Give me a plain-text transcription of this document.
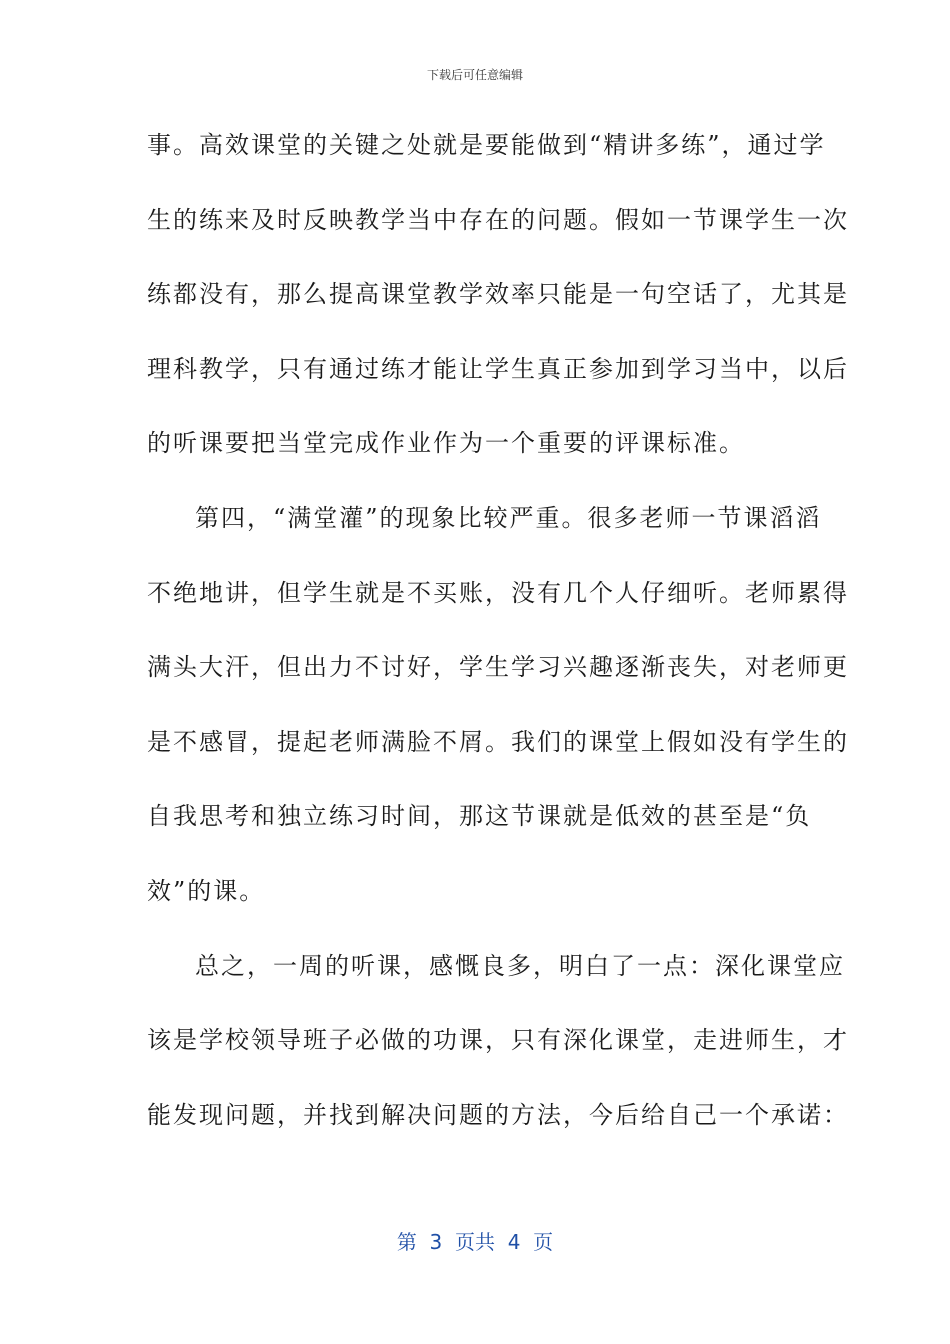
下载后可任意编辑
事。高效课堂的关键之处就是要能做到“精讲多练”，通过学
生的练来及时反映教学当中存在的问题。假如一节课学生一次
练都没有，那么提高课堂教学效率只能是一句空话了，尤其是
理科教学，只有通过练才能让学生真正参加到学习当中，以后
的听课要把当堂完成作业作为一个重要的评课标准。
第四，“满堂灌”的现象比较严重。很多老师一节课滔滔
不绝地讲，但学生就是不买账，没有几个人仔细听。老师累得
满头大汗，但出力不讨好，学生学习兴趣逐渐丧失，对老师更
是不感冒，提起老师满脸不屑。我们的课堂上假如没有学生的
自我思考和独立练习时间，那这节课就是低效的甚至是“负
效”的课。
总之，一周的听课，感慨良多，明白了一点：深化课堂应
该是学校领导班子必做的功课，只有深化课堂，走进师生，才
能发现问题，并找到解决问题的方法，今后给自己一个承诺：
第  3  页共  4  页
